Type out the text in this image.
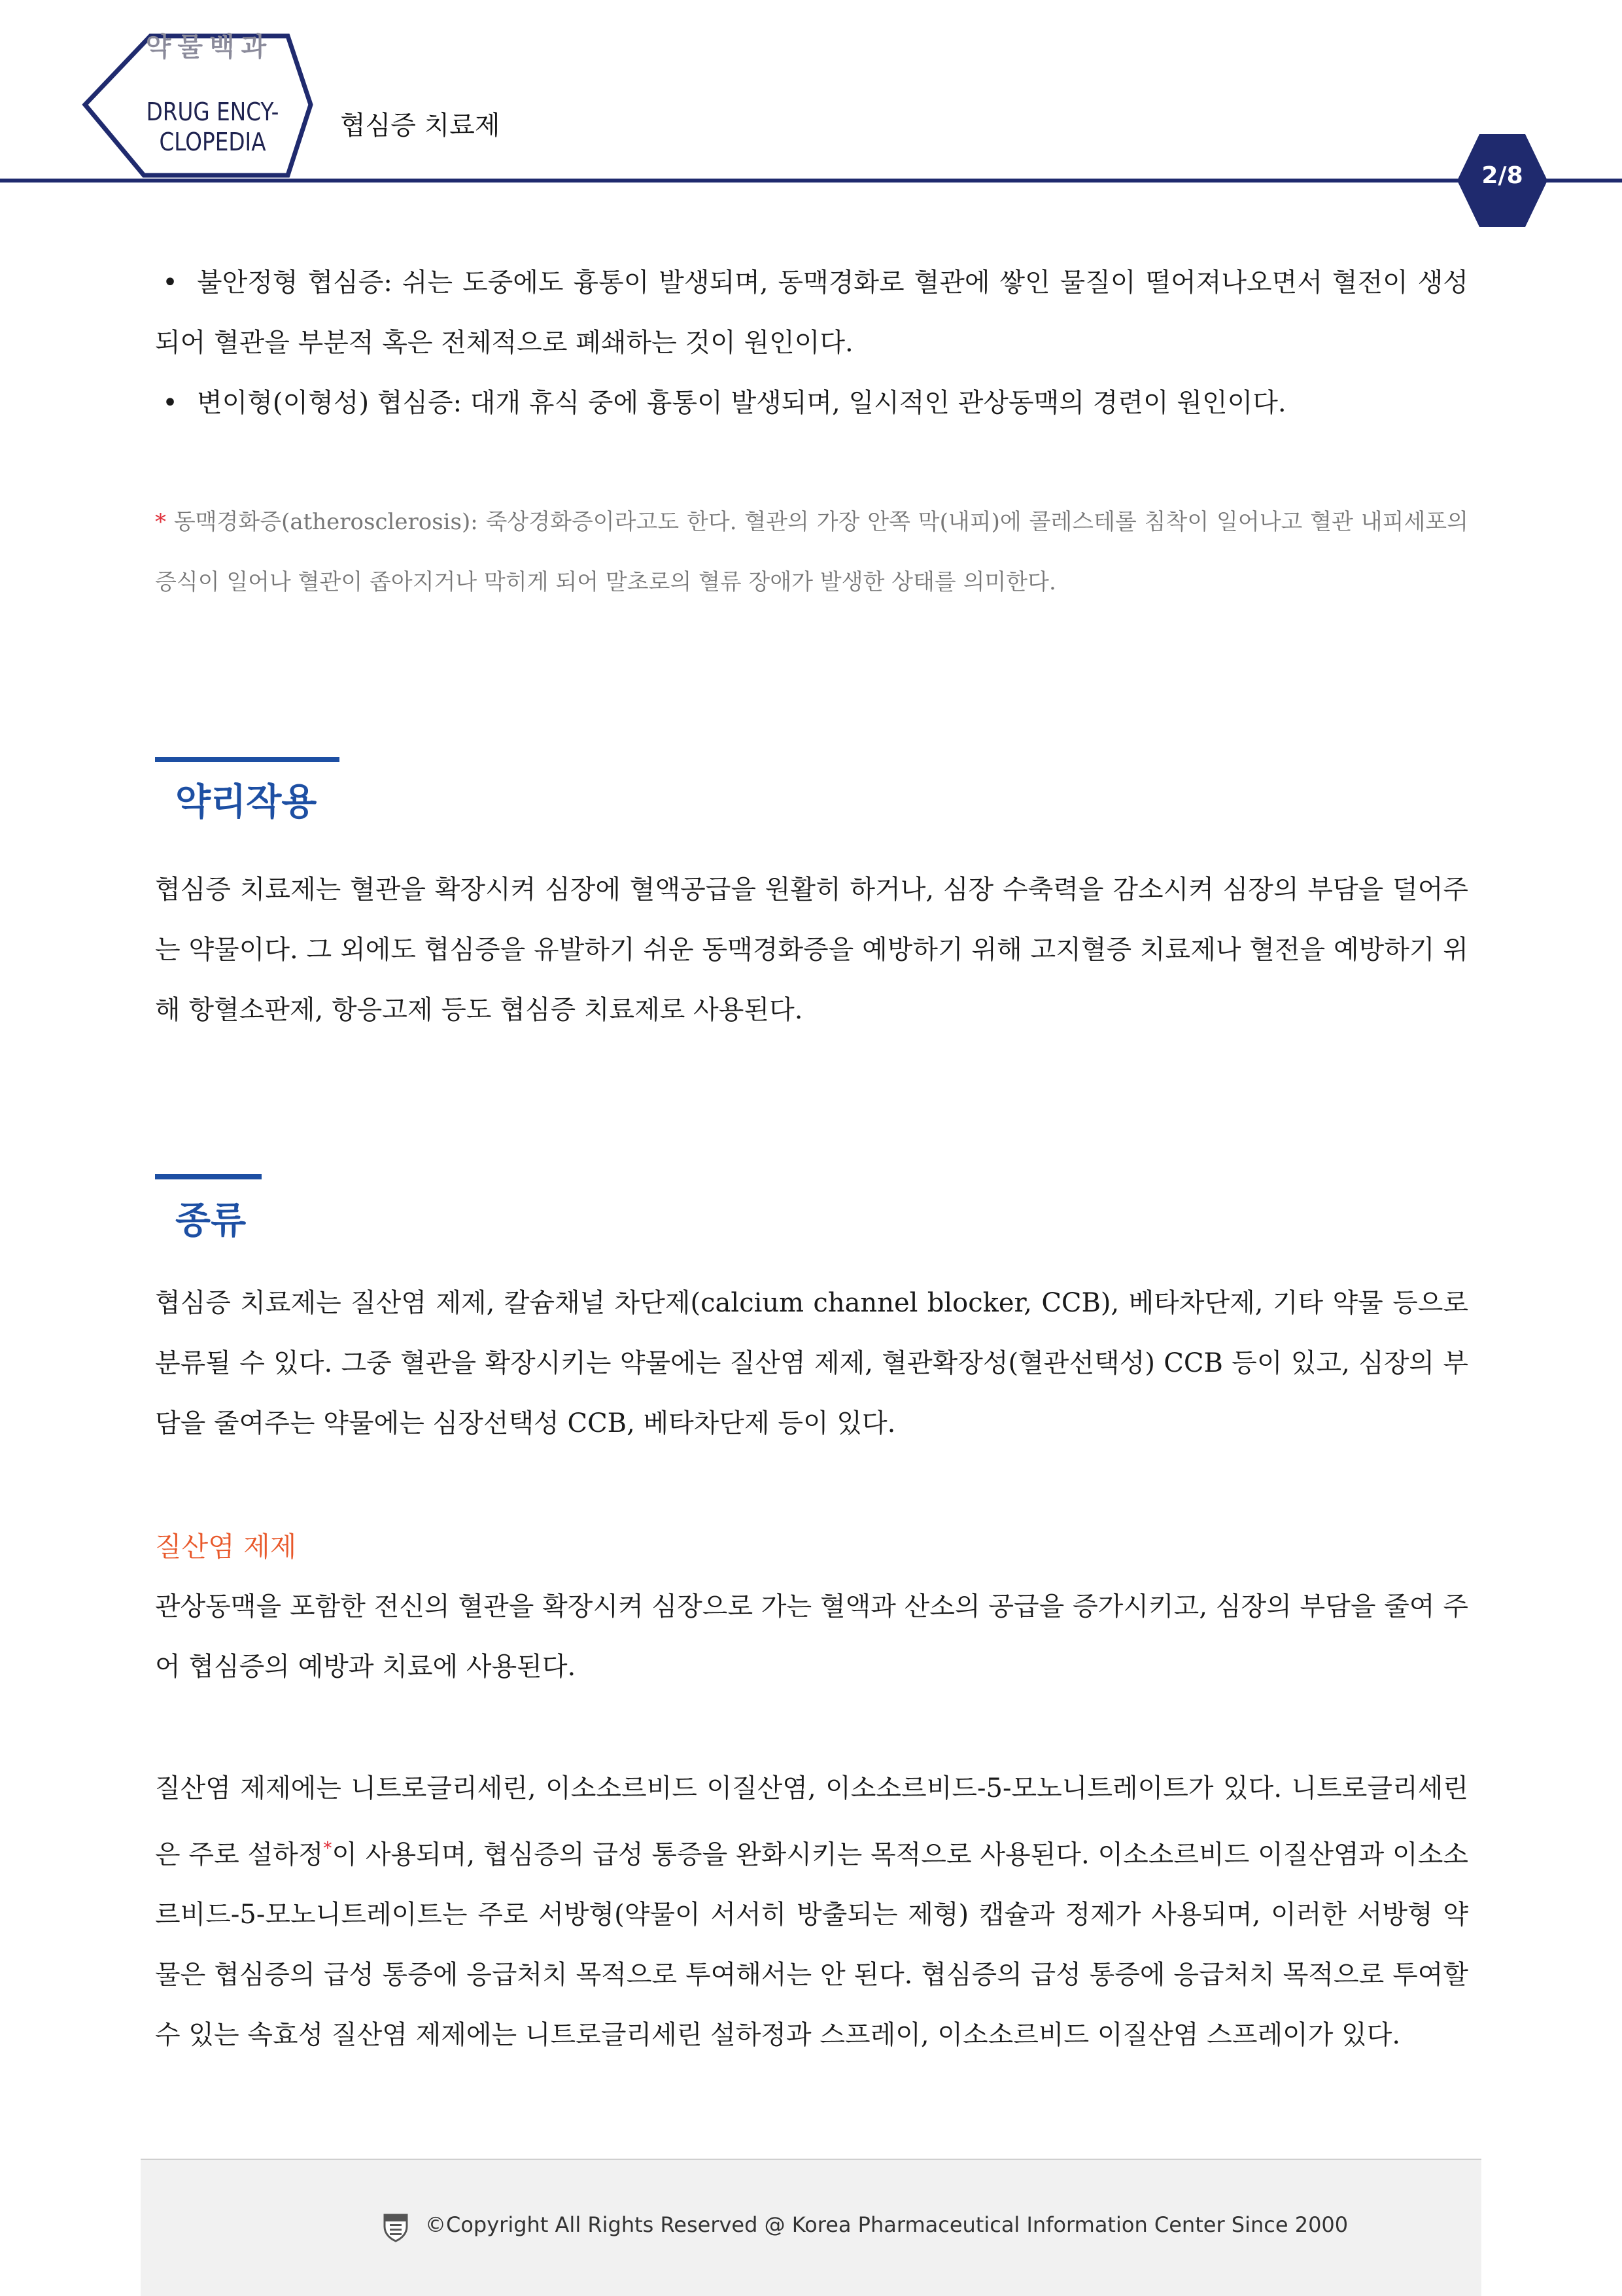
약물백과
DRUG ENCY-
CLOPEDIA
협심증 치료제
2/8
• 불안정형 협심증: 쉬는 도중에도 흉통이 발생되며, 동맥경화로 혈관에 쌓인 물질이 떨어져나오면서 혈전이 생성되어 혈관을 부분적 혹은 전체적으로 폐쇄하는 것이 원인이다.
• 변이형(이형성) 협심증: 대개 휴식 중에 흉통이 발생되며, 일시적인 관상동맥의 경련이 원인이다.
* 동맥경화증(atherosclerosis): 죽상경화증이라고도 한다. 혈관의 가장 안쪽 막(내피)에 콜레스테롤 침착이 일어나고 혈관 내피세포의 증식이 일어나 혈관이 좁아지거나 막히게 되어 말초로의 혈류 장애가 발생한 상태를 의미한다.
약리작용
협심증 치료제는 혈관을 확장시켜 심장에 혈액공급을 원활히 하거나, 심장 수축력을 감소시켜 심장의 부담을 덜어주는 약물이다. 그 외에도 협심증을 유발하기 쉬운 동맥경화증을 예방하기 위해 고지혈증 치료제나 혈전을 예방하기 위해 항혈소판제, 항응고제 등도 협심증 치료제로 사용된다.
종류
협심증 치료제는 질산염 제제, 칼슘채널 차단제(calcium channel blocker, CCB), 베타차단제, 기타 약물 등으로 분류될 수 있다. 그중 혈관을 확장시키는 약물에는 질산염 제제, 혈관확장성(혈관선택성) CCB 등이 있고, 심장의 부담을 줄여주는 약물에는 심장선택성 CCB, 베타차단제 등이 있다.
질산염 제제
관상동맥을 포함한 전신의 혈관을 확장시켜 심장으로 가는 혈액과 산소의 공급을 증가시키고, 심장의 부담을 줄여 주어 협심증의 예방과 치료에 사용된다.
질산염 제제에는 니트로글리세린, 이소소르비드 이질산염, 이소소르비드-5-모노니트레이트가 있다. 니트로글리세린은 주로 설하정*이 사용되며, 협심증의 급성 통증을 완화시키는 목적으로 사용된다. 이소소르비드 이질산염과 이소소르비드-5-모노니트레이트는 주로 서방형(약물이 서서히 방출되는 제형) 캡슐과 정제가 사용되며, 이러한 서방형 약물은 협심증의 급성 통증에 응급처치 목적으로 투여해서는 안 된다. 협심증의 급성 통증에 응급처치 목적으로 투여할 수 있는 속효성 질산염 제제에는 니트로글리세린 설하정과 스프레이, 이소소르비드 이질산염 스프레이가 있다.
©Copyright All Rights Reserved @ Korea Pharmaceutical Information Center Since 2000
